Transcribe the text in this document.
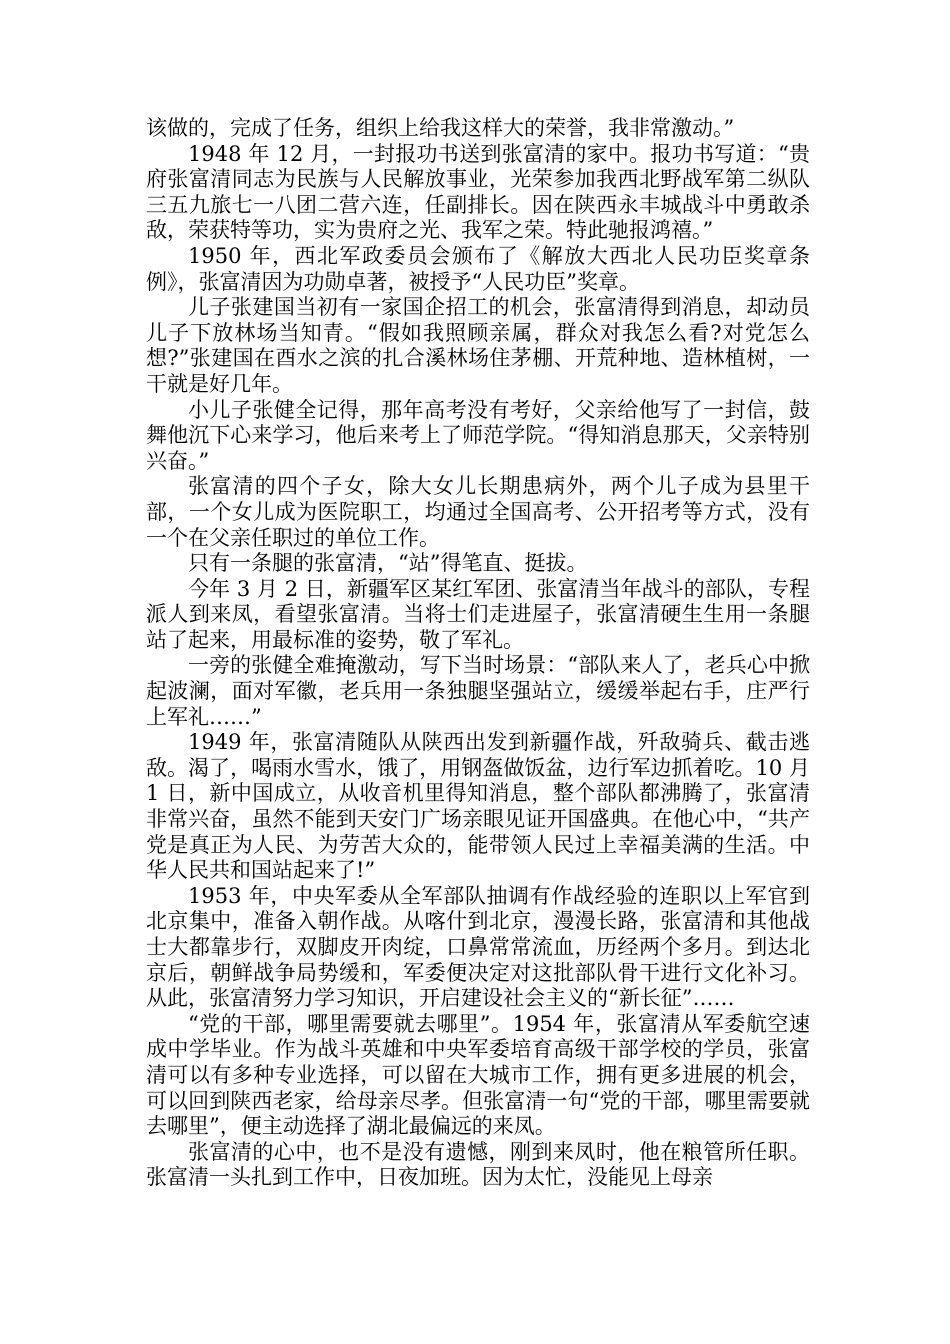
该做的，完成了任务，组织上给我这样大的荣誉，我非常激动。”

1948 年 12 月，一封报功书送到张富清的家中。报功书写道：“贵府张富清同志为民族与人民解放事业，光荣参加我西北野战军第二纵队三五九旅七一八团二营六连，任副排长。因在陕西永丰城战斗中勇敢杀敌，荣获特等功，实为贵府之光、我军之荣。特此驰报鸿禧。”

1950 年，西北军政委员会颁布了《解放大西北人民功臣奖章条例》，张富清因为功勋卓著，被授予“人民功臣”奖章。

儿子张建国当初有一家国企招工的机会，张富清得到消息，却动员儿子下放林场当知青。“假如我照顾亲属，群众对我怎么看?对党怎么想?”张建国在酉水之滨的扎合溪林场住茅棚、开荒种地、造林植树，一干就是好几年。

小儿子张健全记得，那年高考没有考好，父亲给他写了一封信，鼓舞他沉下心来学习，他后来考上了师范学院。“得知消息那天，父亲特别兴奋。”

张富清的四个子女，除大女儿长期患病外，两个儿子成为县里干部，一个女儿成为医院职工，均通过全国高考、公开招考等方式，没有一个在父亲任职过的单位工作。

只有一条腿的张富清，“站”得笔直、挺拔。

今年 3 月 2 日，新疆军区某红军团、张富清当年战斗的部队，专程派人到来凤，看望张富清。当将士们走进屋子，张富清硬生生用一条腿站了起来，用最标准的姿势，敬了军礼。

一旁的张健全难掩激动，写下当时场景：“部队来人了，老兵心中掀起波澜，面对军徽，老兵用一条独腿坚强站立，缓缓举起右手，庄严行上军礼……”

1949 年，张富清随队从陕西出发到新疆作战，歼敌骑兵、截击逃敌。渴了，喝雨水雪水，饿了，用钢盔做饭盆，边行军边抓着吃。10 月 1 日，新中国成立，从收音机里得知消息，整个部队都沸腾了，张富清非常兴奋，虽然不能到天安门广场亲眼见证开国盛典。在他心中，“共产党是真正为人民、为劳苦大众的，能带领人民过上幸福美满的生活。中华人民共和国站起来了!”

1953 年，中央军委从全军部队抽调有作战经验的连职以上军官到北京集中，准备入朝作战。从喀什到北京，漫漫长路，张富清和其他战士大都靠步行，双脚皮开肉绽，口鼻常常流血，历经两个多月。到达北京后，朝鲜战争局势缓和，军委便决定对这批部队骨干进行文化补习。从此，张富清努力学习知识，开启建设社会主义的“新长征”……

“党的干部，哪里需要就去哪里”。1954 年，张富清从军委航空速成中学毕业。作为战斗英雄和中央军委培育高级干部学校的学员，张富清可以有多种专业选择，可以留在大城市工作，拥有更多进展的机会，可以回到陕西老家，给母亲尽孝。但张富清一句“党的干部，哪里需要就去哪里”，便主动选择了湖北最偏远的来凤。

张富清的心中，也不是没有遗憾，刚到来凤时，他在粮管所任职。张富清一头扎到工作中，日夜加班。因为太忙，没能见上母亲
